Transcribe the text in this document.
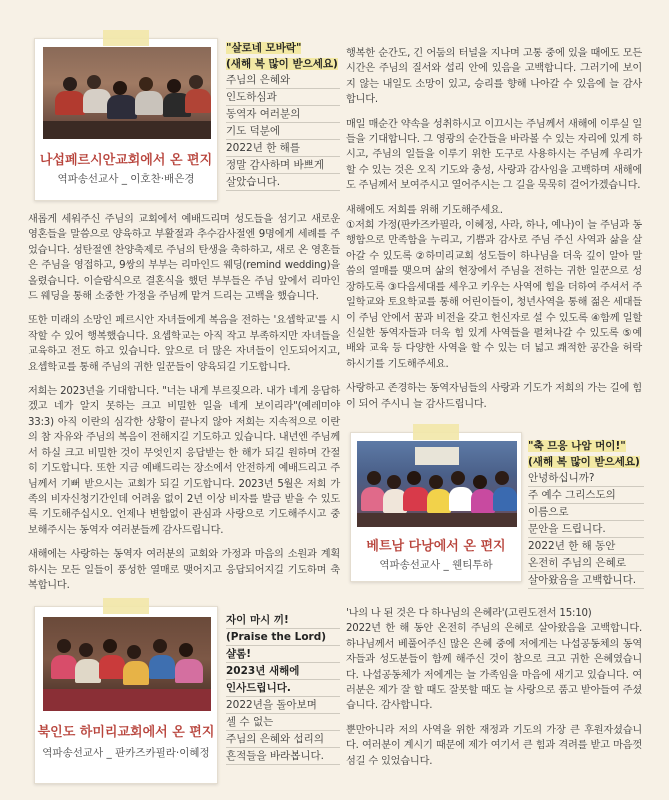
나섭페르시안교회에서 온 편지
역파송선교사 _ 이호찬·배은경
"살로네 모바락"
(새해 복 많이 받으세요)
주님의 은혜와
인도하심과
동역자 여러분의
기도 덕분에
2022년 한 해를
정말 감사하며 바쁘게
살았습니다.

새롭게 세워주신 주님의 교회에서 예배드리며 성도들을 섬기고 새로운 영혼들을 말씀으로 양육하고 부활절과 추수감사절엔 9명에게 세례를 주었습니다. 성탄절엔 찬양축제로 주님의 탄생을 축하하고, 새로 온 영혼들은 주님을 영접하고, 9쌍의 부부는 리마인드 웨딩(remind wedding)을 올렸습니다. 이슬람식으로 결혼식을 했던 부부들은 주님 앞에서 리마인드 웨딩을 통해 소중한 가정을 주님께 맡겨 드리는 고백을 했습니다.

또한 미래의 소망인 페르시안 자녀들에게 복음을 전하는 '요셉학교'를 시작할 수 있어 행복했습니다. 요셉학교는 아직 작고 부족하지만 자녀들을 교육하고 전도 하고 있습니다. 앞으로 더 많은 자녀들이 인도되어지고, 요셉학교를 통해 주님의 귀한 일꾼들이 양육되길 기도합니다.

저희는 2023년을 기대합니다. "너는 내게 부르짖으라. 내가 네게 응답하겠고 네가 알지 못하는 크고 비밀한 일을 네게 보이리라"(예레미야 33:3) 아직 이란의 심각한 상황이 끝나지 않아 저희는 지속적으로 이란의 참 자유와 주님의 복음이 전해지길 기도하고 있습니다. 내년엔 주님께서 하실 크고 비밀한 것이 무엇인지 응답받는 한 해가 되길 원하며 간절히 기도합니다. 또한 지금 예배드리는 장소에서 안전하게 예배드리고 주님께서 기뻐 받으시는 교회가 되길 기도합니다. 2023년 5월은 저희 가족의 비자신청기간인데 어려움 없이 2년 이상 비자를 발급 받을 수 있도록 기도해주십시오. 언제나 변함없이 관심과 사랑으로 기도해주시고 중보해주시는 동역자 여러분들께 감사드립니다.

새해에는 사랑하는 동역자 여러분의 교회와 가정과 마음의 소원과 계획하시는 모든 일들이 풍성한 열매로 맺어지고 응답되어지길 기도하며 축복합니다.

북인도 하미리교회에서 온 편지
역파송선교사 _ 판카즈카필라·이혜정
자이 마시 끼!
(Praise the Lord)
샬롬!
2023년 새해에
인사드립니다.
2022년을 돌아보며
셀 수 없는
주님의 은혜와 섭리의
흔적들을 바라봅니다.

행복한 순간도, 긴 어둠의 터널을 지나며 고통 중에 있을 때에도 모든 시간은 주님의 질서와 섭리 안에 있음을 고백합니다. 그러기에 보이지 않는 내일도 소망이 있고, 승리를 향해 나아갈 수 있음에 늘 감사합니다.

매일 매순간 약속을 성취하시고 이끄시는 주님께서 새해에 이루실 일들을 기대합니다. 그 영광의 순간들을 바라볼 수 있는 자리에 있게 하시고, 주님의 일들을 이루기 위한 도구로 사용하시는 주님께 우리가 할 수 있는 것은 오직 기도와 충성, 사랑과 감사임을 고백하며 새해에도 주님께서 보여주시고 열어주시는 그 길을 묵묵히 걸어가겠습니다.

새해에도 저희를 위해 기도해주세요.
①저희 가정(판카즈카필라, 이혜정, 사라, 하나, 예나)이 늘 주님과 동행함으로 만족함을 누리고, 기쁨과 감사로 주님 주신 사역과 삶을 살아갈 수 있도록 ②하미리교회 성도들이 하나님을 더욱 깊이 알아 말씀의 열매를 맺으며 삶의 현장에서 주님을 전하는 귀한 일꾼으로 성장하도록 ③다음세대를 세우고 키우는 사역에 힘을 더하여 주셔서 주일학교와 토요학교를 통해 어린이들이, 청년사역을 통해 젊은 세대들이 주님 안에서 꿈과 비전을 갖고 헌신자로 설 수 있도록 ④함께 일할 신실한 동역자들과 더욱 힘 있게 사역들을 펼쳐나갈 수 있도록 ⑤예배와 교육 등 다양한 사역을 할 수 있는 더 넓고 쾌적한 공간을 허락하시기를 기도해주세요.

사랑하고 존경하는 동역자님들의 사랑과 기도가 저희의 가는 길에 힘이 되어 주시니 늘 감사드립니다.

베트남 다낭에서 온 편지
역파송선교사 _ 웬티투하
"축 므응 나암 머이!"
(새해 복 많이 받으세요)
안녕하십니까?
주 예수 그리스도의
이름으로
문안을 드립니다.
2022년 한 해 동안
온전히 주님의 은혜로
살아왔음을 고백합니다.

'나의 나 된 것은 다 하나님의 은혜라'(고린도전서 15:10)
2022년 한 해 동안 온전히 주님의 은혜로 살아왔음을 고백합니다. 하나님께서 베풀어주신 많은 은혜 중에 저에게는 나섭공동체의 동역자들과 성도분들이 함께 해주신 것이 참으로 크고 귀한 은혜였습니다. 나섭공동체가 저에게는 늘 가족임을 마음에 새기고 있습니다. 여러분은 제가 잘 할 때도 잘못할 때도 늘 사랑으로 품고 받아들여 주셨습니다. 감사합니다.

뿐만아니라 저의 사역을 위한 재정과 기도의 가장 큰 후원자셨습니다. 여러분이 계시기 때문에 제가 여기서 큰 힘과 격려를 받고 마음껏 섬길 수 있었습니다.
